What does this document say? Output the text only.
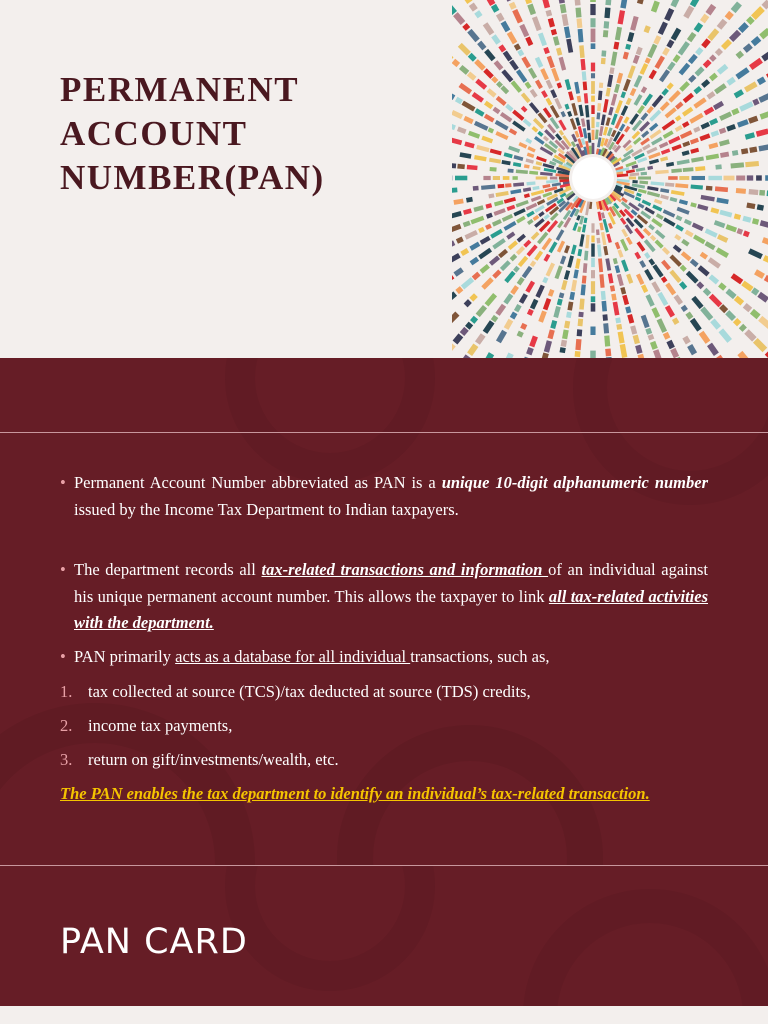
PERMANENT
ACCOUNT
NUMBER(PAN)
• Permanent Account Number abbreviated as PAN is a unique 10-digit alphanumeric number issued by the Income Tax Department to Indian taxpayers.
• The department records all tax-related transactions and information of an individual against his unique permanent account number. This allows the taxpayer to link all tax-related activities with the department.
• PAN primarily acts as a database for all individual transactions, such as,
1. tax collected at source (TCS)/tax deducted at source (TDS) credits,
2. income tax payments,
3. return on gift/investments/wealth, etc.
The PAN enables the tax department to identify an individual’s tax-related transaction.
PAN CARD
